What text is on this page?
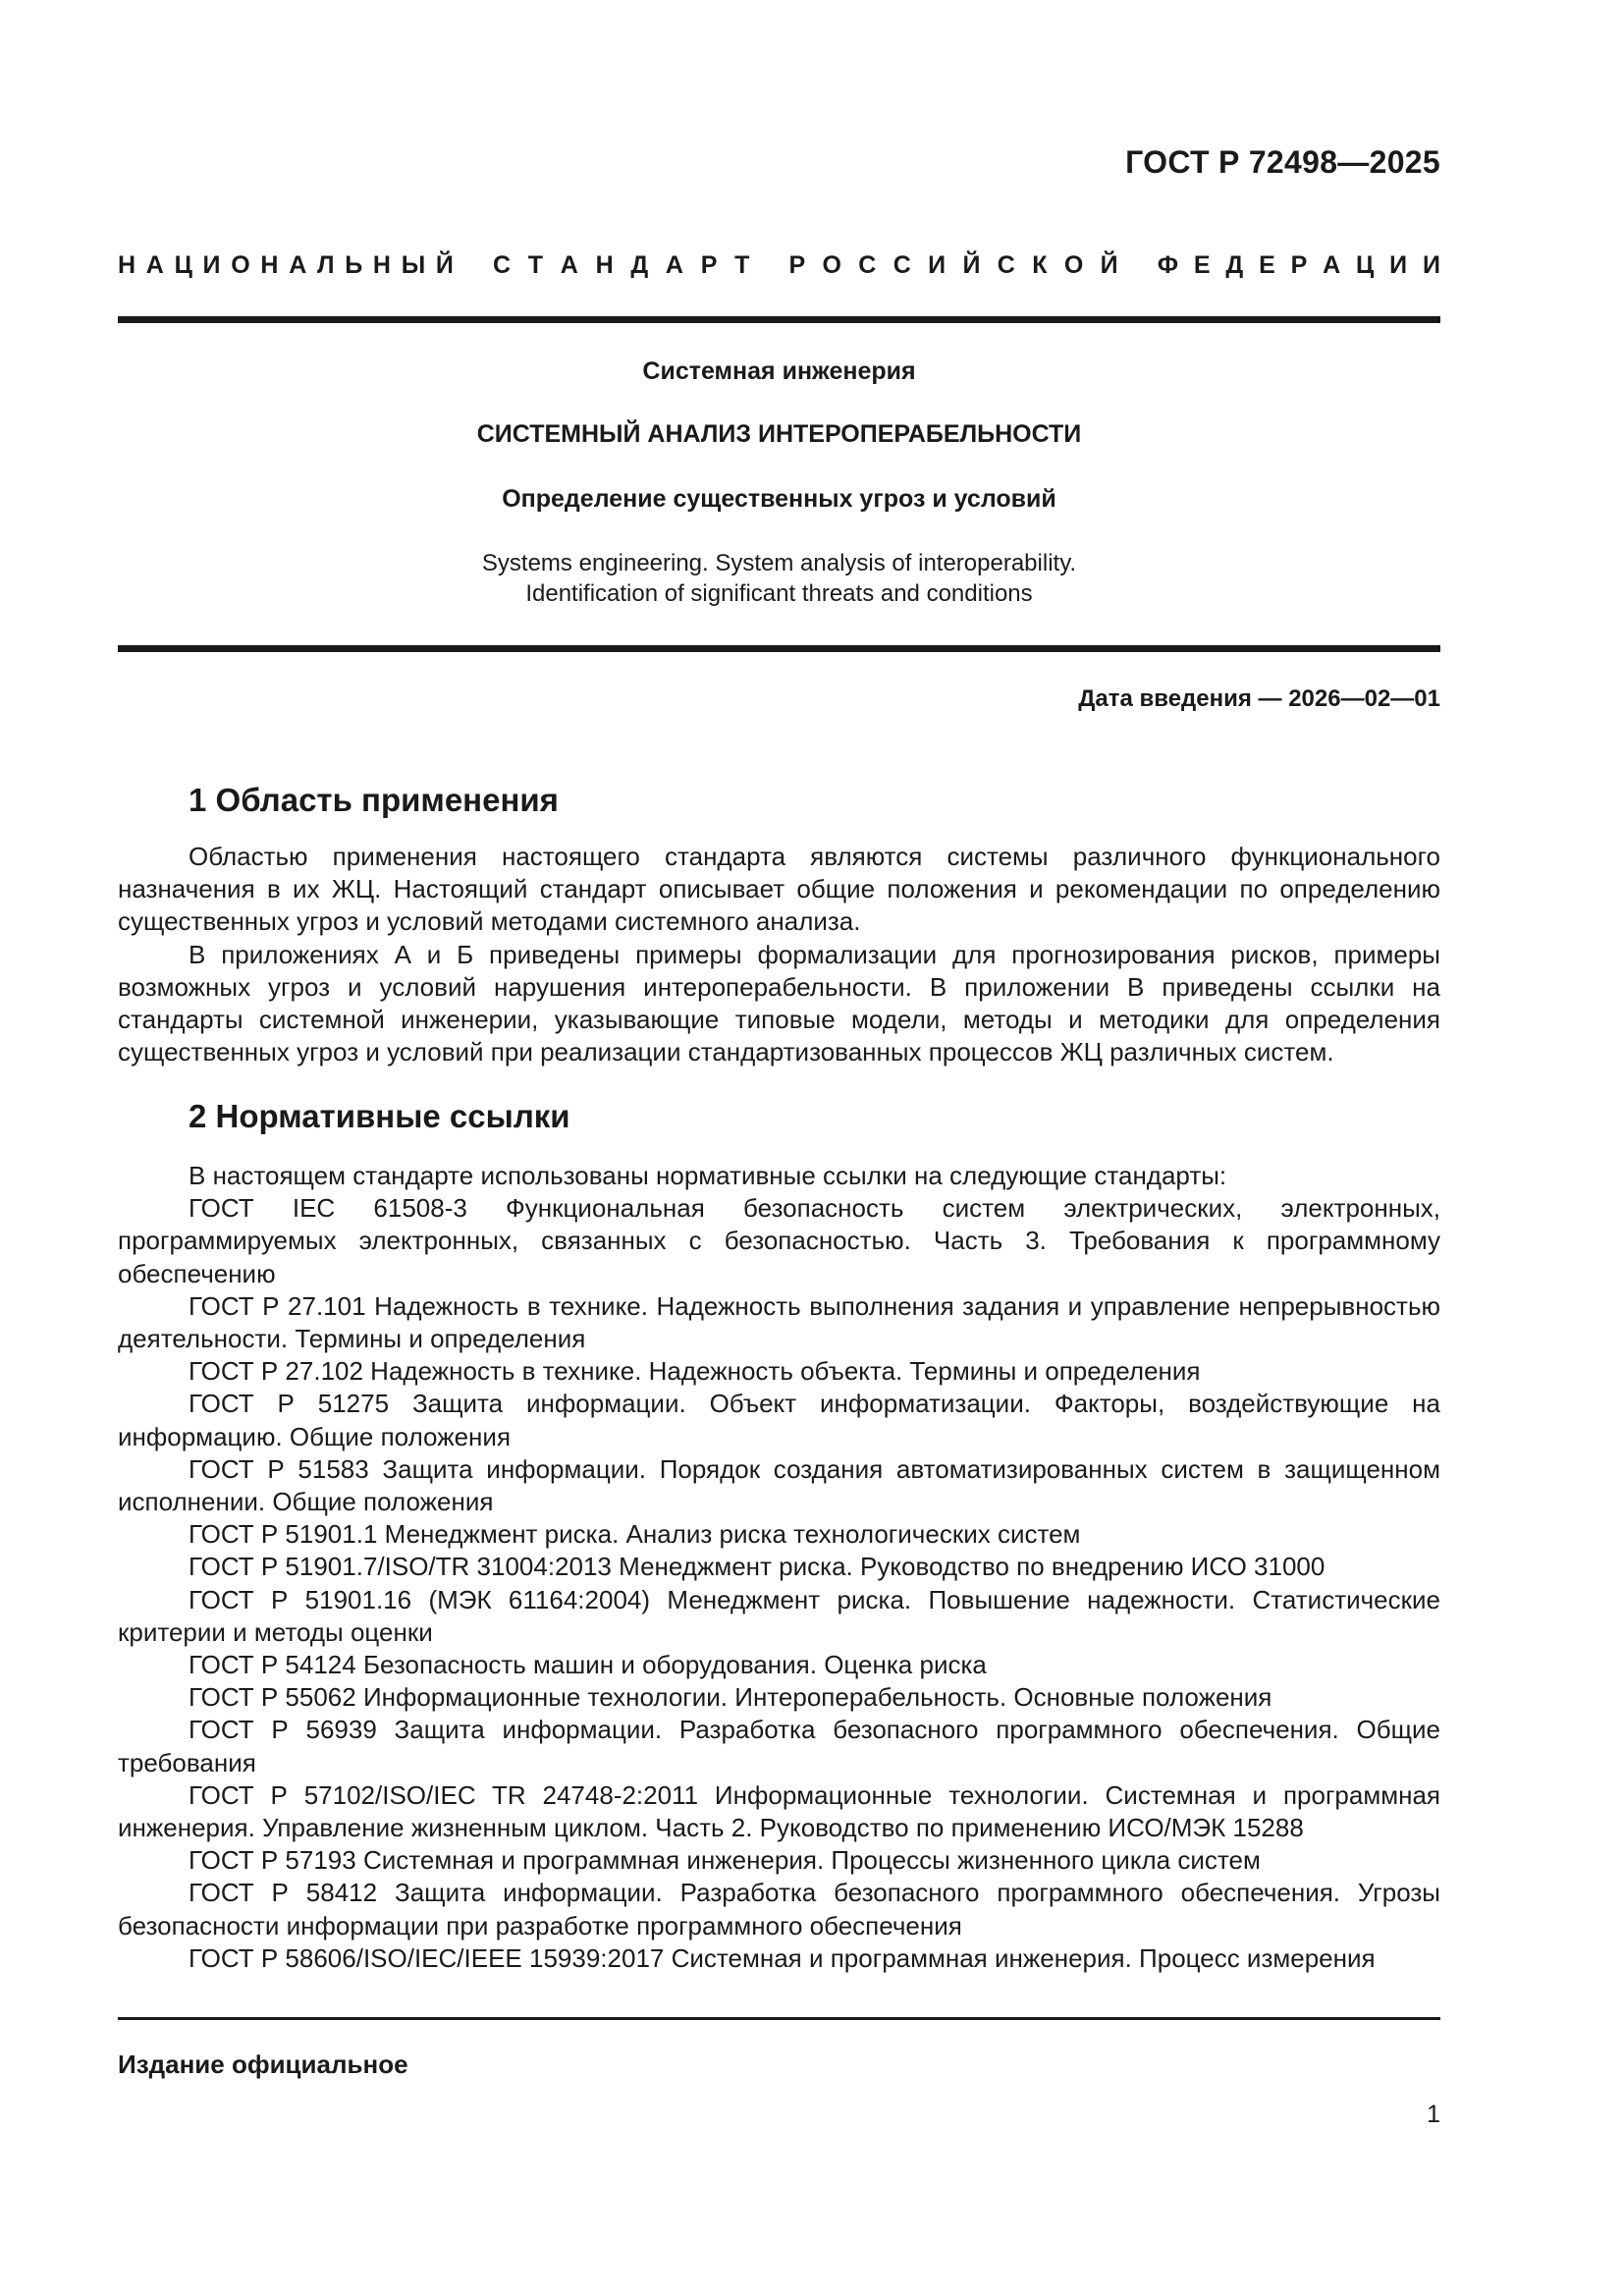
ГОСТ Р 72498—2025

Н А Ц И О Н А Л Ь Н Ы Й С Т А Н Д А Р Т Р О С С И Й С К О Й Ф Е Д Е Р А Ц И И

Системная инженерия

СИСТЕМНЫЙ АНАЛИЗ ИНТЕРОПЕРАБЕЛЬНОСТИ

Определение существенных угроз и условий

Systems engineering. System analysis of interoperability.
Identification of significant threats and conditions

Дата введения — 2026—02—01

1 Область применения

Областью применения настоящего стандарта являются системы различного функционального назначения в их ЖЦ. Настоящий стандарт описывает общие положения и рекомендации по определению существенных угроз и условий методами системного анализа.

В приложениях А и Б приведены примеры формализации для прогнозирования рисков, примеры возможных угроз и условий нарушения интероперабельности. В приложении В приведены ссылки на стандарты системной инженерии, указывающие типовые модели, методы и методики для определения существенных угроз и условий при реализации стандартизованных процессов ЖЦ различных систем.

2 Нормативные ссылки

В настоящем стандарте использованы нормативные ссылки на следующие стандарты:

ГОСТ IEC 61508-3 Функциональная безопасность систем электрических, электронных, программируемых электронных, связанных с безопасностью. Часть 3. Требования к программному обеспечению

ГОСТ Р 27.101 Надежность в технике. Надежность выполнения задания и управление непрерывностью деятельности. Термины и определения

ГОСТ Р 27.102 Надежность в технике. Надежность объекта. Термины и определения

ГОСТ Р 51275 Защита информации. Объект информатизации. Факторы, воздействующие на информацию. Общие положения

ГОСТ Р 51583 Защита информации. Порядок создания автоматизированных систем в защищенном исполнении. Общие положения

ГОСТ Р 51901.1 Менеджмент риска. Анализ риска технологических систем

ГОСТ Р 51901.7/ISO/TR 31004:2013 Менеджмент риска. Руководство по внедрению ИСО 31000

ГОСТ Р 51901.16 (МЭК 61164:2004) Менеджмент риска. Повышение надежности. Статистические критерии и методы оценки

ГОСТ Р 54124 Безопасность машин и оборудования. Оценка риска

ГОСТ Р 55062 Информационные технологии. Интероперабельность. Основные положения

ГОСТ Р 56939 Защита информации. Разработка безопасного программного обеспечения. Общие требования

ГОСТ Р 57102/ISO/IEC TR 24748-2:2011 Информационные технологии. Системная и программная инженерия. Управление жизненным циклом. Часть 2. Руководство по применению ИСО/МЭК 15288

ГОСТ Р 57193 Системная и программная инженерия. Процессы жизненного цикла систем

ГОСТ Р 58412 Защита информации. Разработка безопасного программного обеспечения. Угрозы безопасности информации при разработке программного обеспечения

ГОСТ Р 58606/ISO/IEC/IEEE 15939:2017 Системная и программная инженерия. Процесс измерения

Издание официальное

1
